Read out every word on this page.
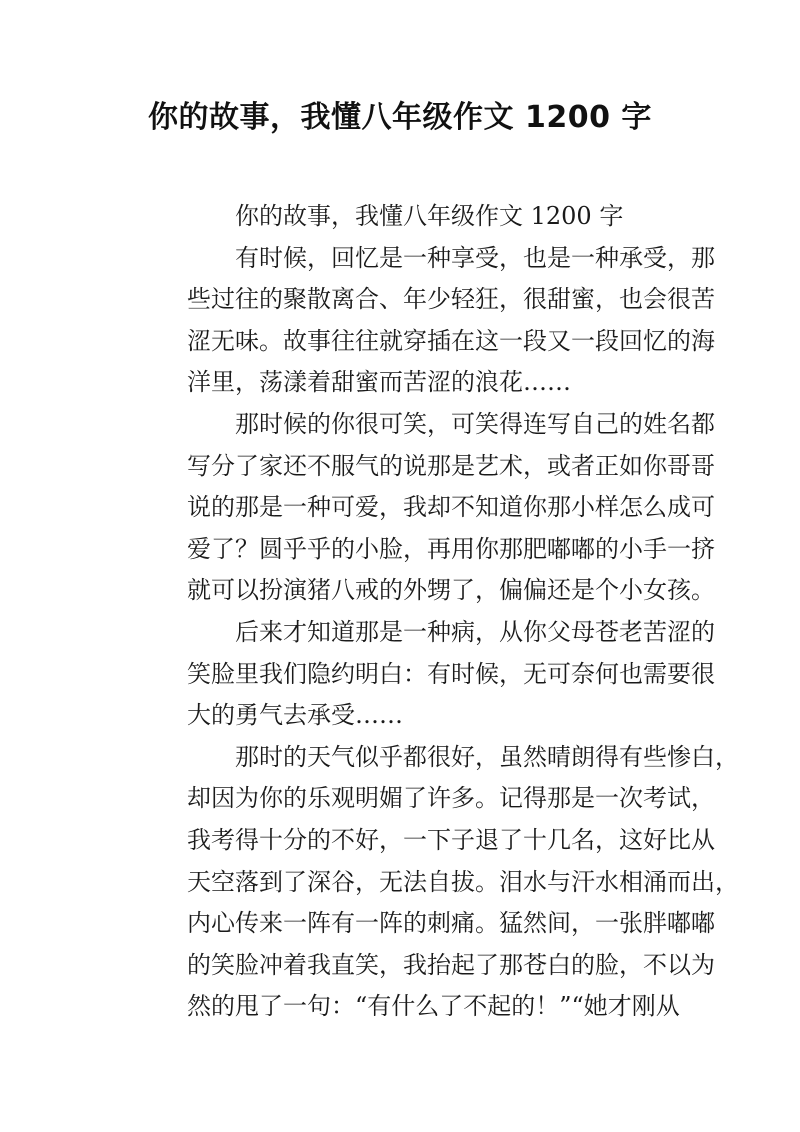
你的故事，我懂八年级作文 1200 字

你的故事，我懂八年级作文 1200 字

有时候，回忆是一种享受，也是一种承受，那
些过往的聚散离合、年少轻狂，很甜蜜，也会很苦
涩无味。故事往往就穿插在这一段又一段回忆的海
洋里，荡漾着甜蜜而苦涩的浪花……

那时候的你很可笑，可笑得连写自己的姓名都
写分了家还不服气的说那是艺术，或者正如你哥哥
说的那是一种可爱，我却不知道你那小样怎么成可
爱了？圆乎乎的小脸，再用你那肥嘟嘟的小手一挤
就可以扮演猪八戒的外甥了，偏偏还是个小女孩。

后来才知道那是一种病，从你父母苍老苦涩的
笑脸里我们隐约明白：有时候，无可奈何也需要很
大的勇气去承受……

那时的天气似乎都很好，虽然晴朗得有些惨白，
却因为你的乐观明媚了许多。记得那是一次考试，
我考得十分的不好，一下子退了十几名，这好比从
天空落到了深谷，无法自拔。泪水与汗水相涌而出，
内心传来一阵有一阵的刺痛。猛然间，一张胖嘟嘟
的笑脸冲着我直笑，我抬起了那苍白的脸，不以为
然的甩了一句：“有什么了不起的！”“她才刚从
